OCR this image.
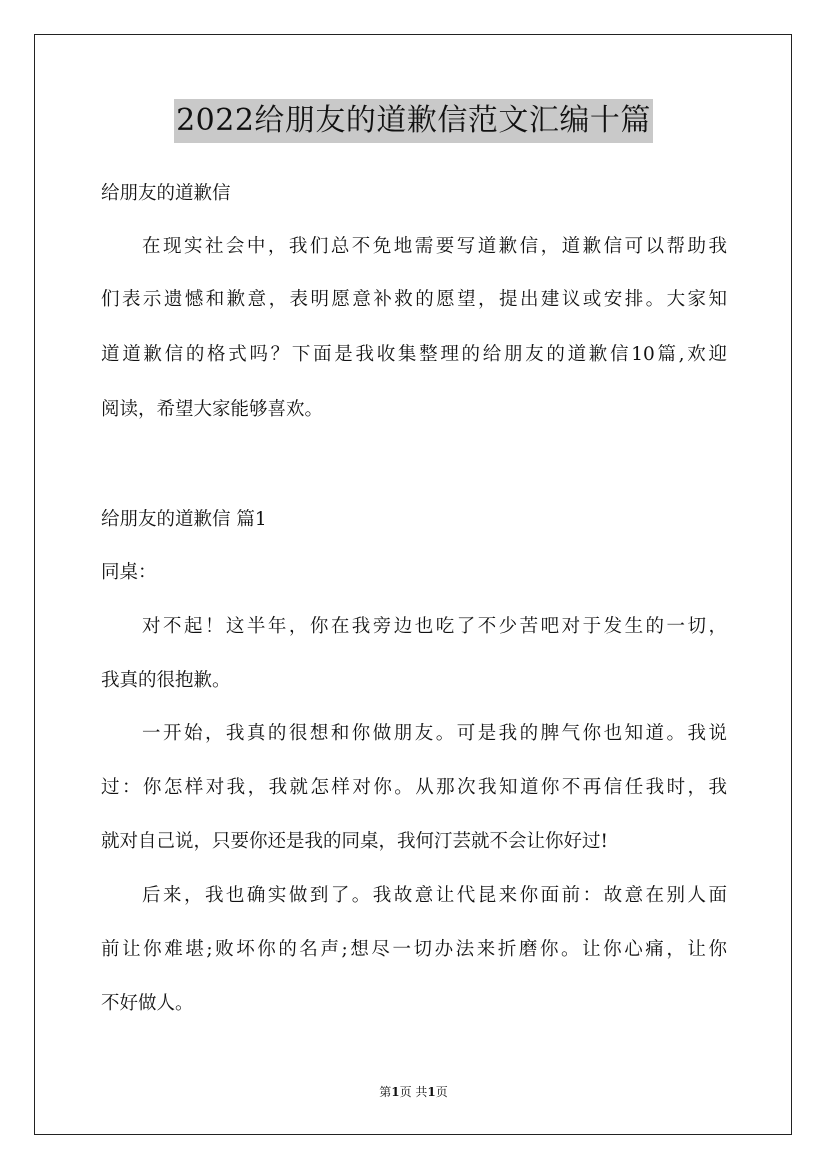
2022给朋友的道歉信范文汇编十篇
给朋友的道歉信
在现实社会中，我们总不免地需要写道歉信，道歉信可以帮助我
们表示遗憾和歉意，表明愿意补救的愿望，提出建议或安排。大家知
道道歉信的格式吗？下面是我收集整理的给朋友的道歉信10篇,欢迎
阅读，希望大家能够喜欢。
给朋友的道歉信 篇1
同桌：
对不起！这半年，你在我旁边也吃了不少苦吧对于发生的一切，
我真的很抱歉。
一开始，我真的很想和你做朋友。可是我的脾气你也知道。我说
过：你怎样对我，我就怎样对你。从那次我知道你不再信任我时，我
就对自己说，只要你还是我的同桌，我何汀芸就不会让你好过!
后来，我也确实做到了。我故意让代昆来你面前：故意在别人面
前让你难堪;败坏你的名声;想尽一切办法来折磨你。让你心痛，让你
不好做人。
第1页 共1页
